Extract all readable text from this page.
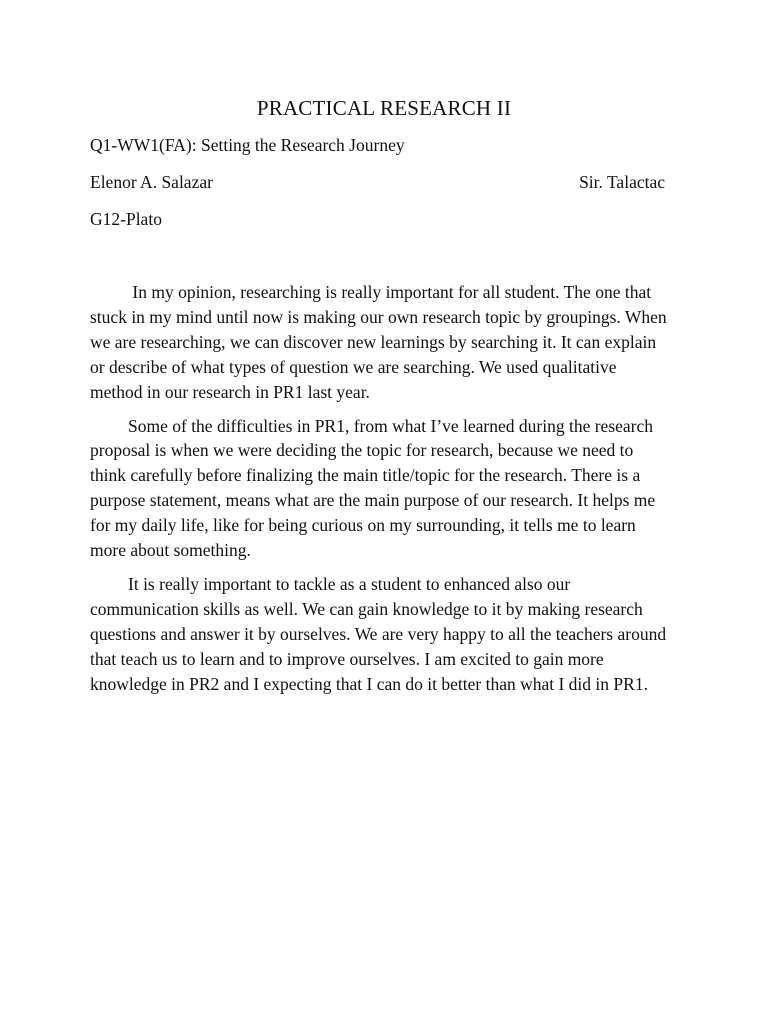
PRACTICAL RESEARCH II
Q1-WW1(FA): Setting the Research Journey
Elenor A. Salazar	Sir. Talactac
G12-Plato

In my opinion, researching is really important for all student. The one that stuck in my mind until now is making our own research topic by groupings. When we are researching, we can discover new learnings by searching it. It can explain or describe of what types of question we are searching. We used qualitative method in our research in PR1 last year.

Some of the difficulties in PR1, from what I’ve learned during the research proposal is when we were deciding the topic for research, because we need to think carefully before finalizing the main title/topic for the research. There is a purpose statement, means what are the main purpose of our research. It helps me for my daily life, like for being curious on my surrounding, it tells me to learn more about something.

It is really important to tackle as a student to enhanced also our communication skills as well. We can gain knowledge to it by making research questions and answer it by ourselves. We are very happy to all the teachers around that teach us to learn and to improve ourselves. I am excited to gain more knowledge in PR2 and I expecting that I can do it better than what I did in PR1.
